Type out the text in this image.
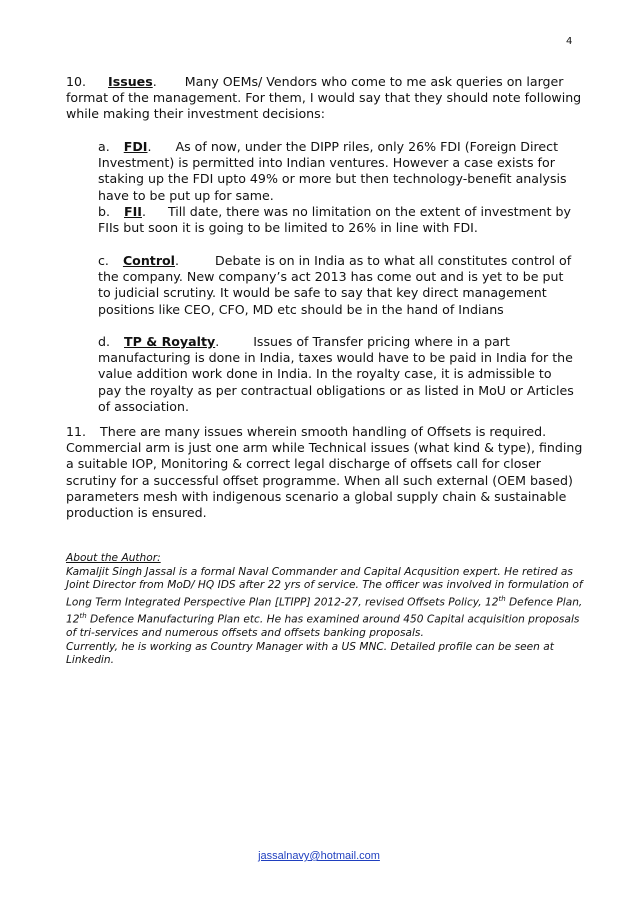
4

10. Issues. Many OEMs/ Vendors who come to me ask queries on larger format of the management. For them, I would say that they should note following while making their investment decisions:

a. FDI. As of now, under the DIPP riles, only 26% FDI (Foreign Direct Investment) is permitted into Indian ventures. However a case exists for staking up the FDI upto 49% or more but then technology-benefit analysis have to be put up for same.

b. FII. Till date, there was no limitation on the extent of investment by FIIs but soon it is going to be limited to 26% in line with FDI.

c. Control.	Debate is on in India as to what all constitutes control of the company. New company’s act 2013 has come out and is yet to be put to judicial scrutiny. It would be safe to say that key direct management positions like CEO, CFO, MD etc should be in the hand of Indians

d. TP & Royalty.	Issues of Transfer pricing where in a part manufacturing is done in India, taxes would have to be paid in India for the value addition work done in India. In the royalty case, it is admissible to pay the royalty as per contractual obligations or as listed in MoU or Articles of association.

11. There are many issues wherein smooth handling of Offsets is required. Commercial arm is just one arm while Technical issues (what kind & type), finding a suitable IOP, Monitoring & correct legal discharge of offsets call for closer scrutiny for a successful offset programme. When all such external (OEM based) parameters mesh with indigenous scenario a global supply chain & sustainable production is ensured.

About the Author:
Kamaljit Singh Jassal is a formal Naval Commander and Capital Acqusition expert. He retired as Joint Director from MoD/ HQ IDS after 22 yrs of service. The officer was involved in formulation of Long Term Integrated Perspective Plan [LTIPP] 2012-27, revised Offsets Policy, 12th Defence Plan, 12th Defence Manufacturing Plan etc. He has examined around 450 Capital acquisition proposals of tri-services and numerous offsets and offsets banking proposals.
Currently, he is working as Country Manager with a US MNC. Detailed profile can be seen at Linkedin.
jassalnavy@hotmail.com
